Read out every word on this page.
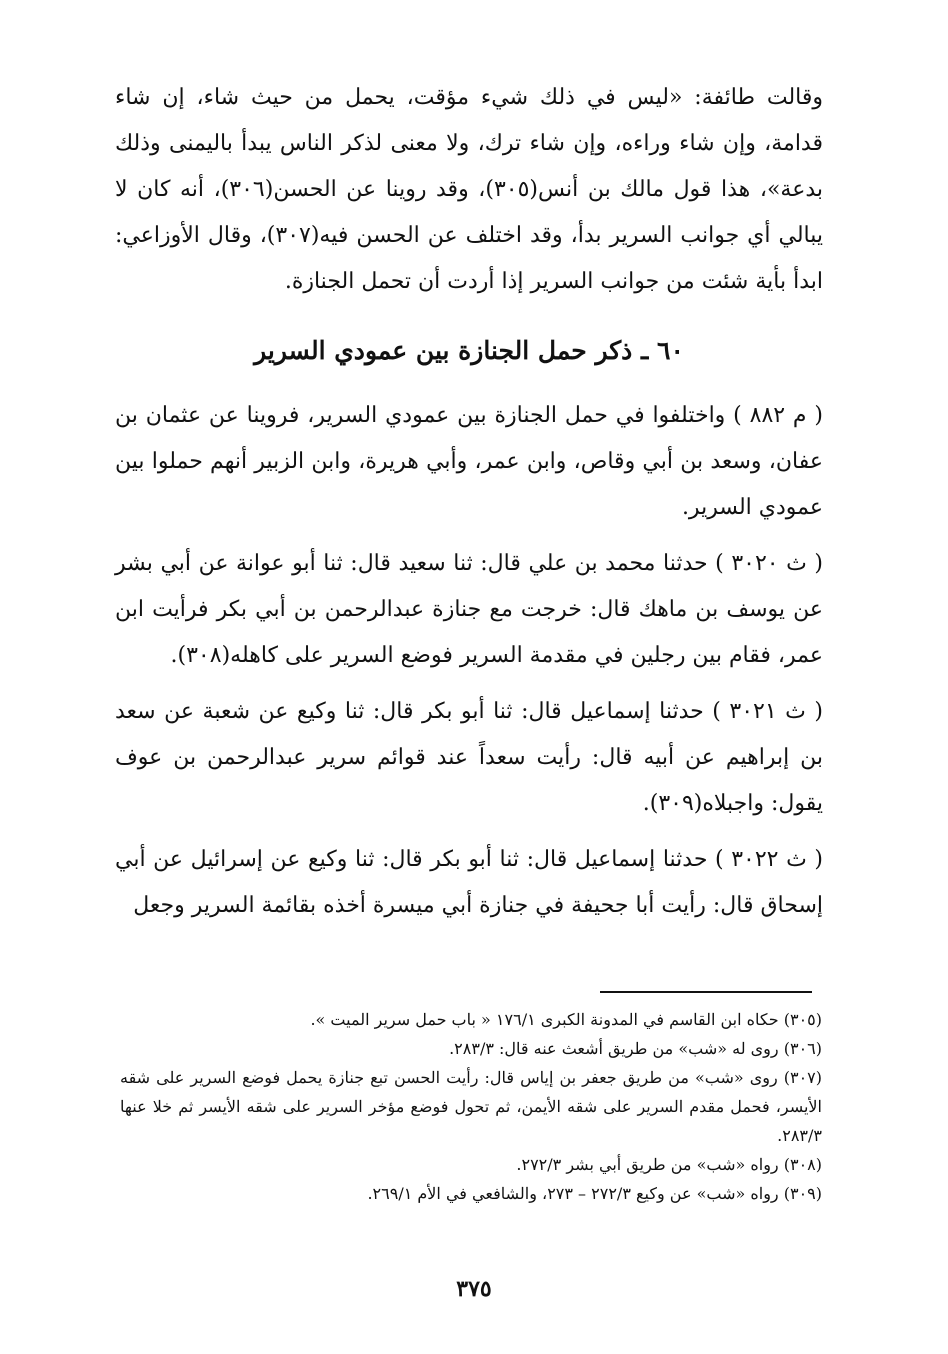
وقالت طائفة: «ليس في ذلك شيء مؤقت، يحمل من حيث شاء، إن شاء قدامة، وإن شاء وراءه، وإن شاء ترك، ولا معنى لذكر الناس يبدأ باليمنى وذلك بدعة»، هذا قول مالك بن أنس(٣٠٥)، وقد روينا عن الحسن(٣٠٦)، أنه كان لا يبالي أي جوانب السرير بدأ، وقد اختلف عن الحسن فيه(٣٠٧)، وقال الأوزاعي: ابدأ بأية شئت من جوانب السرير إذا أردت أن تحمل الجنازة.

٦٠ ـ ذكر حمل الجنازة بين عمودي السرير

( م ٨٨٢ ) واختلفوا في حمل الجنازة بين عمودي السرير، فروينا عن عثمان بن عفان، وسعد بن أبي وقاص، وابن عمر، وأبي هريرة، وابن الزبير أنهم حملوا بين عمودي السرير.

( ث ٣٠٢٠ ) حدثنا محمد بن علي قال: ثنا سعيد قال: ثنا أبو عوانة عن أبي بشر عن يوسف بن ماهك قال: خرجت مع جنازة عبدالرحمن بن أبي بكر فرأيت ابن عمر، فقام بين رجلين في مقدمة السرير فوضع السرير على كاهله(٣٠٨).

( ث ٣٠٢١ ) حدثنا إسماعيل قال: ثنا أبو بكر قال: ثنا وكيع عن شعبة عن سعد بن إبراهيم عن أبيه قال: رأيت سعداً عند قوائم سرير عبدالرحمن بن عوف يقول: واجبلاه(٣٠٩).

( ث ٣٠٢٢ ) حدثنا إسماعيل قال: ثنا أبو بكر قال: ثنا وكيع عن إسرائيل عن أبي إسحاق قال: رأيت أبا جحيفة في جنازة أبي ميسرة أخذه بقائمة السرير وجعل

(٣٠٥) حكاه ابن القاسم في المدونة الكبرى ١٧٦/١ « باب حمل سرير الميت ».

(٣٠٦) روى له «شب» من طريق أشعث عنه قال: ٢٨٣/٣.

(٣٠٧) روى «شب» من طريق جعفر بن إياس قال: رأيت الحسن تبع جنازة يحمل فوضع السرير على شقه الأيسر، فحمل مقدم السرير على شقه الأيمن، ثم تحول فوضع مؤخر السرير على شقه الأيسر ثم خلا عنها ٢٨٣/٣.

(٣٠٨) رواه «شب» من طريق أبي بشر ٢٧٢/٣.

(٣٠٩) رواه «شب» عن وكيع ٢٧٢/٣ – ٢٧٣، والشافعي في الأم ٢٦٩/١.

٣٧٥
